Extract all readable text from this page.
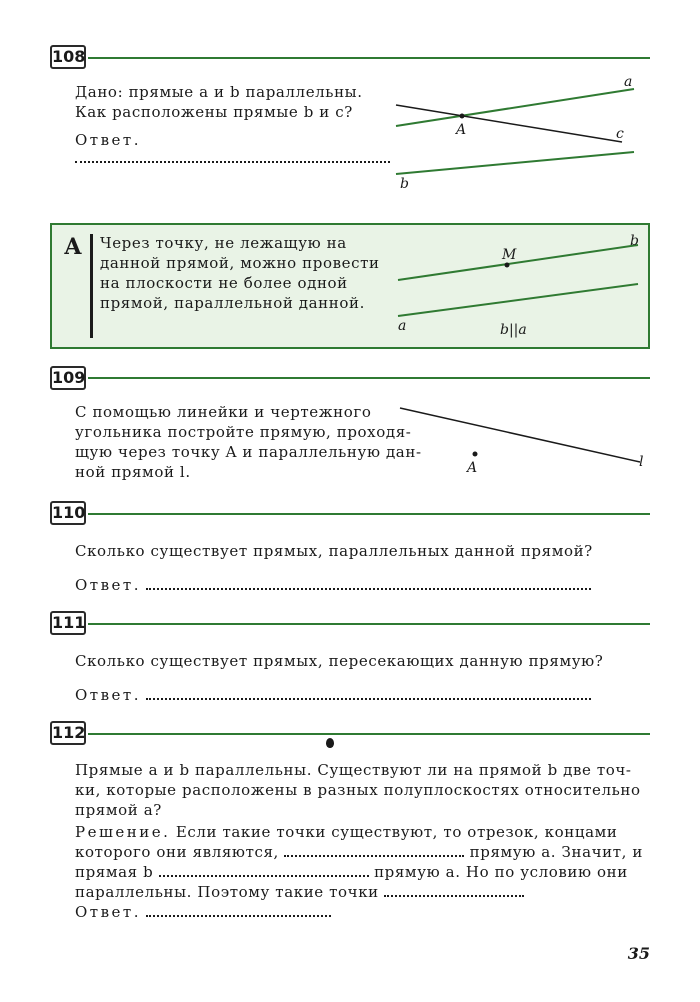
108
Дано: прямые a и b параллельны.
Как расположены прямые b и c?
Ответ.
a
A	c
b
А Через точку, не лежащую на
данной прямой, можно провести
на плоскости не более одной
прямой, параллельной данной.
M
b
a	b||a
109
С помощью линейки и чертежного
угольника постройте прямую, проходя-
щую через точку A и параллельную дан-
ной прямой l.	A	l
110
Сколько существует прямых, параллельных данной прямой?
Ответ.
111
Сколько существует прямых, пересекающих данную прямую?
Ответ.
112
Прямые a и b параллельны. Существуют ли на прямой b две точ-
ки, которые расположены в разных полуплоскостях относительно
прямой a?
Решение. Если такие точки существуют, то отрезок, концами
которого они являются,	прямую a. Значит, и
прямая b	прямую a. Но по условию они
параллельны. Поэтому такие точки
Ответ.
35
